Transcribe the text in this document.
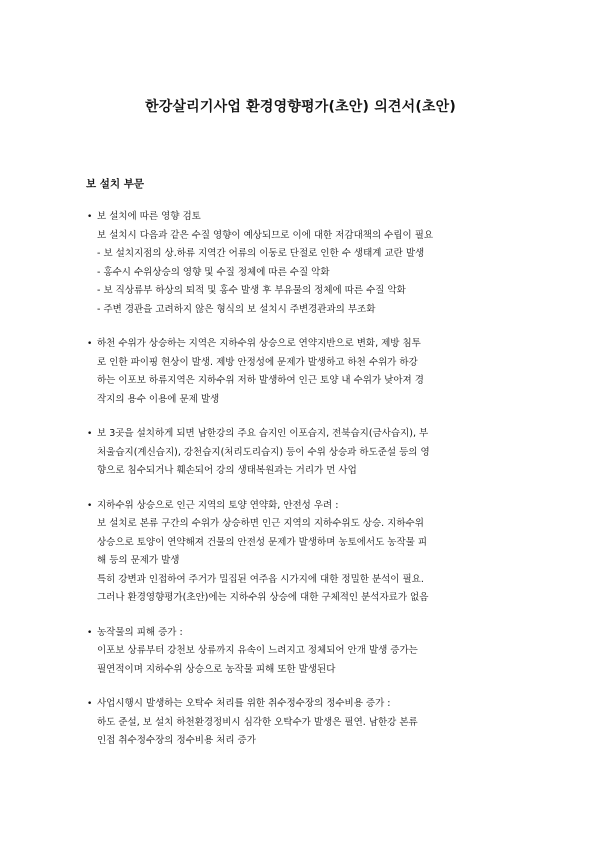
한강살리기사업 환경영향평가(초안) 의견서(초안)
보 설치 부문
• 보 설치에 따른 영향 검토
보 설치시 다음과 같은 수질 영향이 예상되므로 이에 대한 저감대책의 수립이 필요
- 보 설치지점의 상.하류 지역간 어류의 이동로 단절로 인한 수 생태계 교란 발생
- 홍수시 수위상승의 영향 및 수질 정체에 따른 수질 악화
- 보 직상류부 하상의 퇴적 및 홍수 발생 후 부유물의 정체에 따른 수질 악화
- 주변 경관을 고려하지 않은 형식의 보 설치시 주변경관과의 부조화
• 하천 수위가 상승하는 지역은 지하수위 상승으로 연약지반으로 변화, 제방 침투
로 인한 파이핑 현상이 발생. 제방 안정성에 문제가 발생하고 하천 수위가 하강
하는 이포보 하류지역은 지하수위 저하 발생하여 인근 토양 내 수위가 낮아져 경
작지의 용수 이용에 문제 발생
• 보 3곳을 설치하게 되면 남한강의 주요 습지인 이포습지, 전북습지(금사습지), 부
처울습지(계신습지), 강천습지(처리도리습지) 등이 수위 상승과 하도준설 등의 영
향으로 침수되거나 훼손되어 강의 생태복원과는 거리가 먼 사업
• 지하수위 상승으로 인근 지역의 토양 연약화, 안전성 우려 :
보 설치로 본류 구간의 수위가 상승하면 인근 지역의 지하수위도 상승. 지하수위
상승으로 토양이 연약해져 건물의 안전성 문제가 발생하며 농토에서도 농작물 피
해 등의 문제가 발생
특히 강변과 인접하여 주거가 밀집된 여주읍 시가지에 대한 정밀한 분석이 필요.
그러나 환경영향평가(초안)에는 지하수위 상승에 대한 구체적인 분석자료가 없음
• 농작물의 피해 증가 :
이포보 상류부터 강천보 상류까지 유속이 느려지고 정체되어 안개 발생 증가는
필연적이며 지하수위 상승으로 농작물 피해 또한 발생된다
• 사업시행시 발생하는 오탁수 처리를 위한 취수정수장의 정수비용 증가 :
하도 준설, 보 설치 하천환경정비시 심각한 오탁수가 발생은 필연. 남한강 본류
인접 취수정수장의 정수비용 처리 증가
